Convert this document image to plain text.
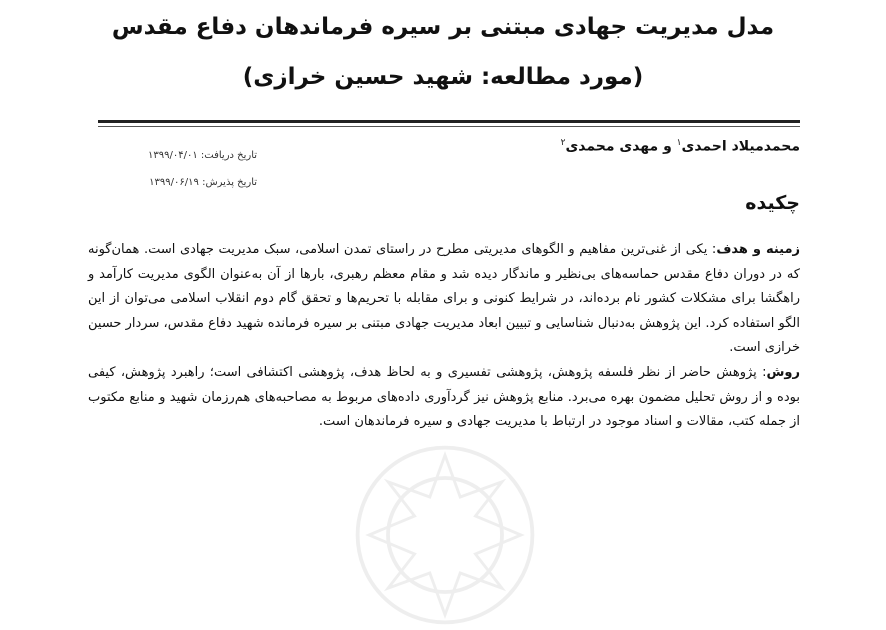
مدل مدیریت جهادی مبتنی بر سیره فرماندهان دفاع مقدس
(مورد مطالعه: شهید حسین خرازی)
محمدمیلاد احمدی$^۱$ و مهدی محمدی$^۲$
تاریخ دریافت: ۱۳۹۹/۰۴/۰۱
تاریخ پذیرش: ۱۳۹۹/۰۶/۱۹
چکیده

زمینه و هدف: یکی از غنی‌ترین مفاهیم و الگوهای مدیریتی مطرح در راستای تمدن اسلامی، سبک مدیریت جهادی است. همان‌گونه که در دوران دفاع مقدس حماسه‌های بی‌نظیر و ماندگار دیده شد و مقام معظم رهبری، بارها از آن به‌عنوان الگوی مدیریت کارآمد و راهگشا برای مشکلات کشور نام برده‌اند، در شرایط کنونی و برای مقابله با تحریم‌ها و تحقق گام دوم انقلاب اسلامی می‌توان از این الگو استفاده کرد. این پژوهش به‌دنبال شناسایی و تبیین ابعاد مدیریت جهادی مبتنی بر سیره فرمانده شهید دفاع مقدس، سردار حسین خرازی است.

روش: پژوهش حاضر از نظر فلسفه پژوهش، پژوهشی تفسیری و به لحاظ هدف، پژوهشی اکتشافی است؛ راهبرد پژوهش، کیفی بوده و از روش تحلیل مضمون بهره می‌برد. منابع پژوهش نیز گردآوری داده‌های مربوط به مصاحبه‌های هم‌رزمان شهید و منابع مکتوب از جمله کتب، مقالات و اسناد موجود در ارتباط با مدیریت جهادی و سیره فرماندهان است.
